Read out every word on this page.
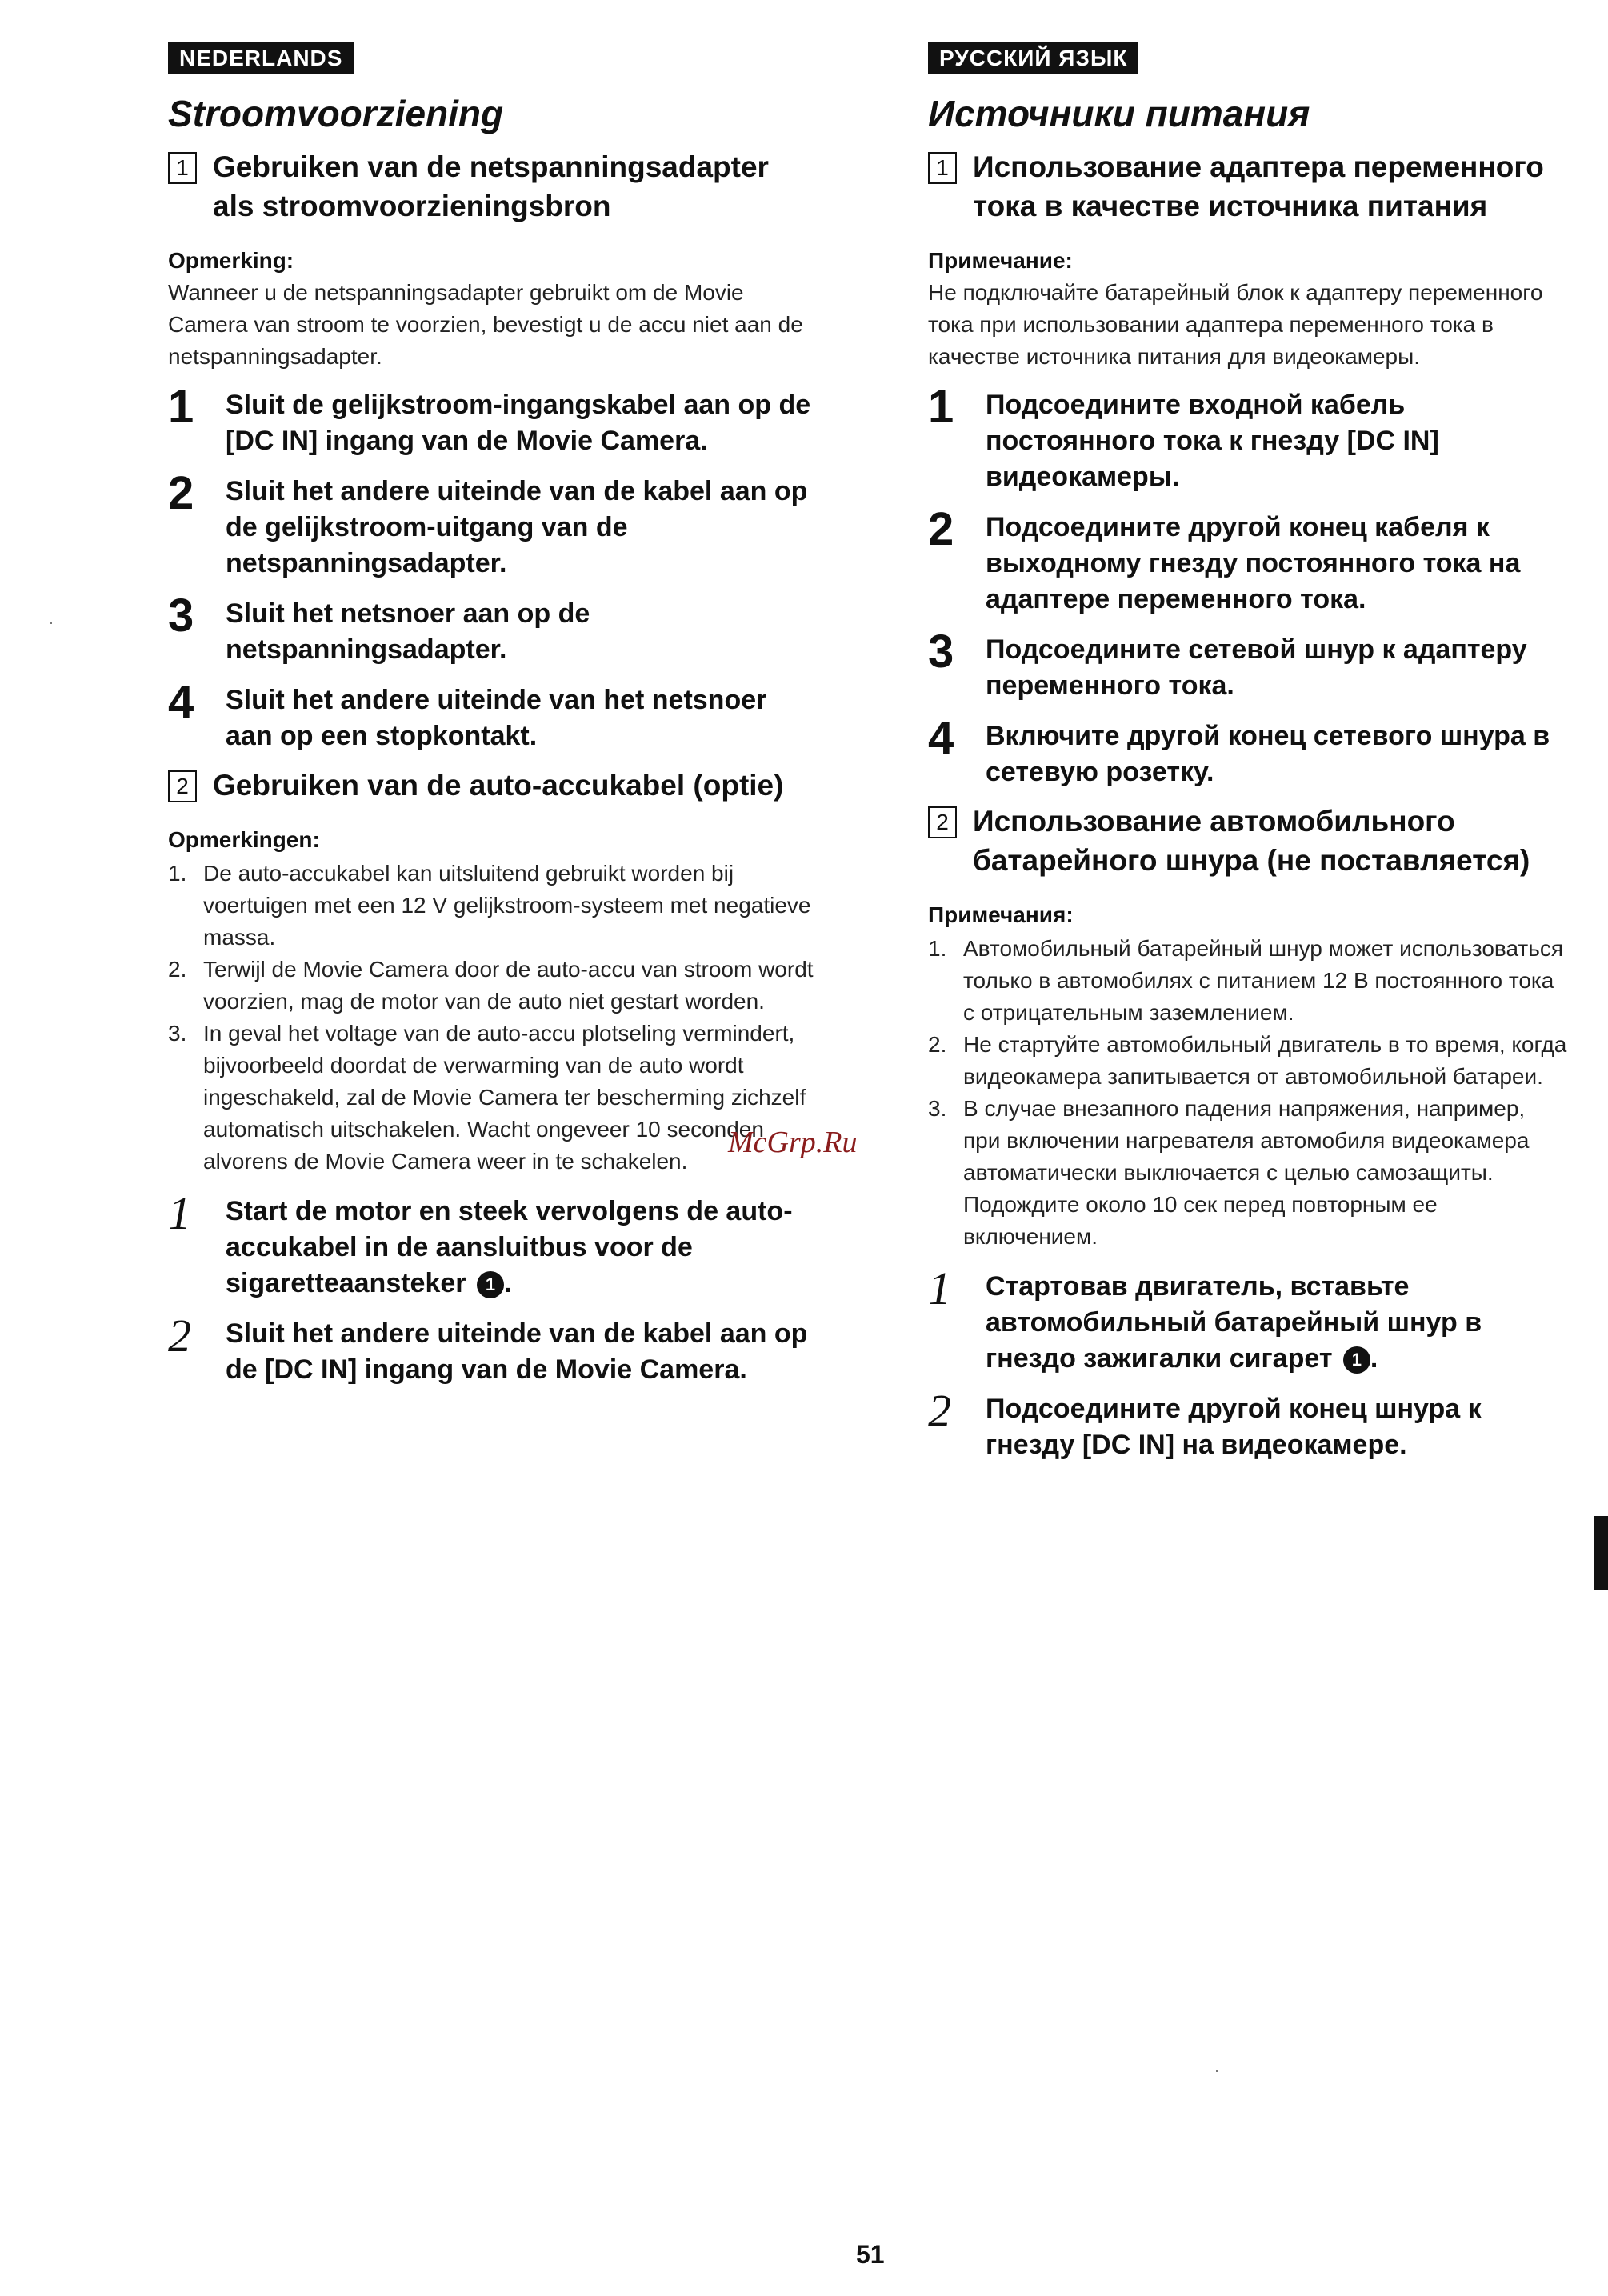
NEDERLANDS
Stroomvoorziening
1 Gebruiken van de netspanningsadapter als stroomvoorzieningsbron
Opmerking:
Wanneer u de netspanningsadapter gebruikt om de Movie Camera van stroom te voorzien, bevestigt u de accu niet aan de netspanningsadapter.
1	Sluit de gelijkstroom-ingangskabel aan op de [DC IN] ingang van de Movie Camera.
2	Sluit het andere uiteinde van de kabel aan op de gelijkstroom-uitgang van de netspanningsadapter.
3	Sluit het netsnoer aan op de netspanningsadapter.
4	Sluit het andere uiteinde van het netsnoer aan op een stopkontakt.
2 Gebruiken van de auto-accukabel (optie)
Opmerkingen:
1. De auto-accukabel kan uitsluitend gebruikt worden bij voertuigen met een 12 V gelijkstroom-systeem met negatieve massa.
2. Terwijl de Movie Camera door de auto-accu van stroom wordt voorzien, mag de motor van de auto niet gestart worden.
3. In geval het voltage van de auto-accu plotseling vermindert, bijvoorbeeld doordat de verwarming van de auto wordt ingeschakeld, zal de Movie Camera ter bescherming zichzelf automatisch uitschakelen. Wacht ongeveer 10 seconden alvorens de Movie Camera weer in te schakelen.
1	Start de motor en steek vervolgens de auto-accukabel in de aansluitbus voor de sigaretteaansteker 1 .
2	Sluit het andere uiteinde van de kabel aan op de [DC IN] ingang van de Movie Camera.
РУССКИЙ ЯЗЫК
Источники питания
1 Использование адаптера переменного тока в качестве источника питания
Примечание:
Не подключайте батарейный блок к адаптеру переменного тока при использовании адаптера переменного тока в качестве источника питания для видеокамеры.
1	Подсоедините входной кабель постоянного тока к гнезду [DC IN] видеокамеры.
2	Подсоедините другой конец кабеля к выходному гнезду постоянного тока на адаптере переменного тока.
3	Подсоедините сетевой шнур к адаптеру переменного тока.
4	Включите другой конец сетевого шнура в сетевую розетку.
2 Использование автомобильного батарейного шнура (не поставляется)
Примечания:
1. Автомобильный батарейный шнур может использоваться только в автомобилях с питанием 12 В постоянного тока с отрицательным заземлением.
2. Не стартуйте автомобильный двигатель в то время, когда видеокамера запитывается от автомобильной батареи.
3. В случае внезапного падения напряжения, например, при включении нагревателя автомобиля видеокамера автоматически выключается с целью самозащиты. Подождите около 10 сек перед повторным ее включением.
1	Стартовав двигатель, вставьте автомобильный батарейный шнур в гнездо зажигалки сигарет 1 .
2	Подсоедините другой конец шнура к гнезду [DC IN] на видеокамере.
McGrp.Ru
51
